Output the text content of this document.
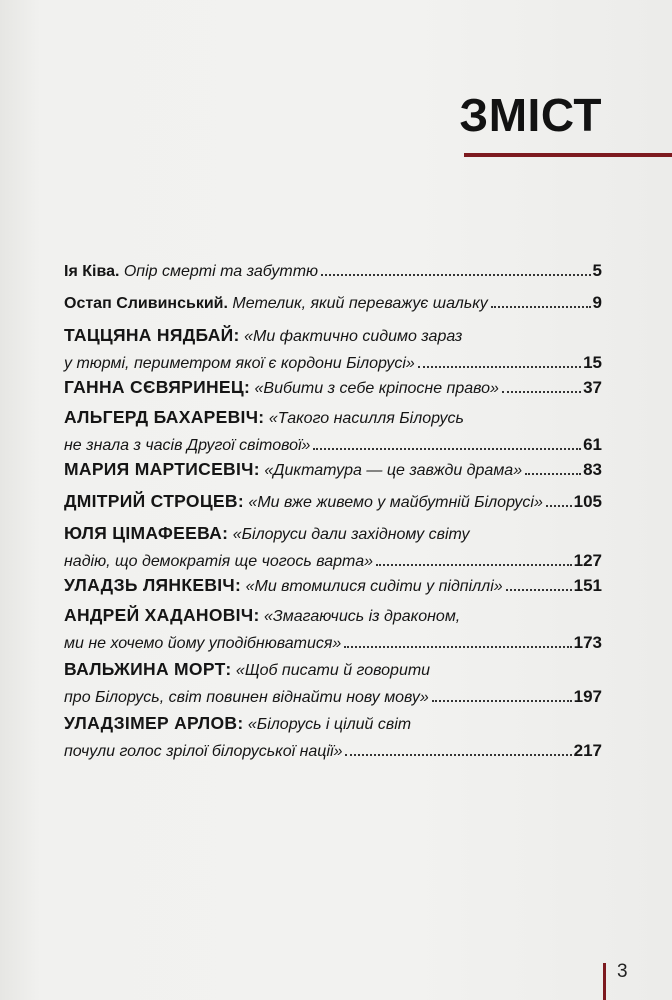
ЗМІСТ
Ія Ківа.
Опір смерті та забуттю	5
Остап Сливинський.
Метелик, який переважує шальку	9
ТАЦЦЯНА НЯДБАЙ:
«Ми фактично сидимо зараз
у тюрмі, периметром якої є кордони Білорусі»	15
ГАННА СЄВЯРИНЕЦ:
«Вибити з себе кріпосне право»	37
АЛЬГЕРД БАХАРЕВІЧ:
«Такого насилля Білорусь
не знала з часів Другої світової»	61
МАРИЯ МАРТИСЕВІЧ:
«Диктатура — це завжди драма»	83
ДМІТРИЙ СТРОЦЕВ:
«Ми вже живемо у майбутній Білорусі» 105
ЮЛЯ ЦІМАФЕЕВА:
«Білоруси дали західному світу
надію, що демократія ще чогось варта»	127
УЛАДЗЬ ЛЯНКЕВІЧ:
«Ми втомилися сидіти у підпіллі»	151
АНДРЕЙ ХАДАНОВІЧ:
«Змагаючись із драконом,
ми не хочемо йому уподібнюватися»	173
ВАЛЬЖИНА МОРТ:
«Щоб писати й говорити
про Білорусь, світ повинен віднайти нову мову»	197
УЛАДЗІМЕР АРЛОВ:
«Білорусь і цілий світ
почули голос зрілої білоруської нації»	217
3
